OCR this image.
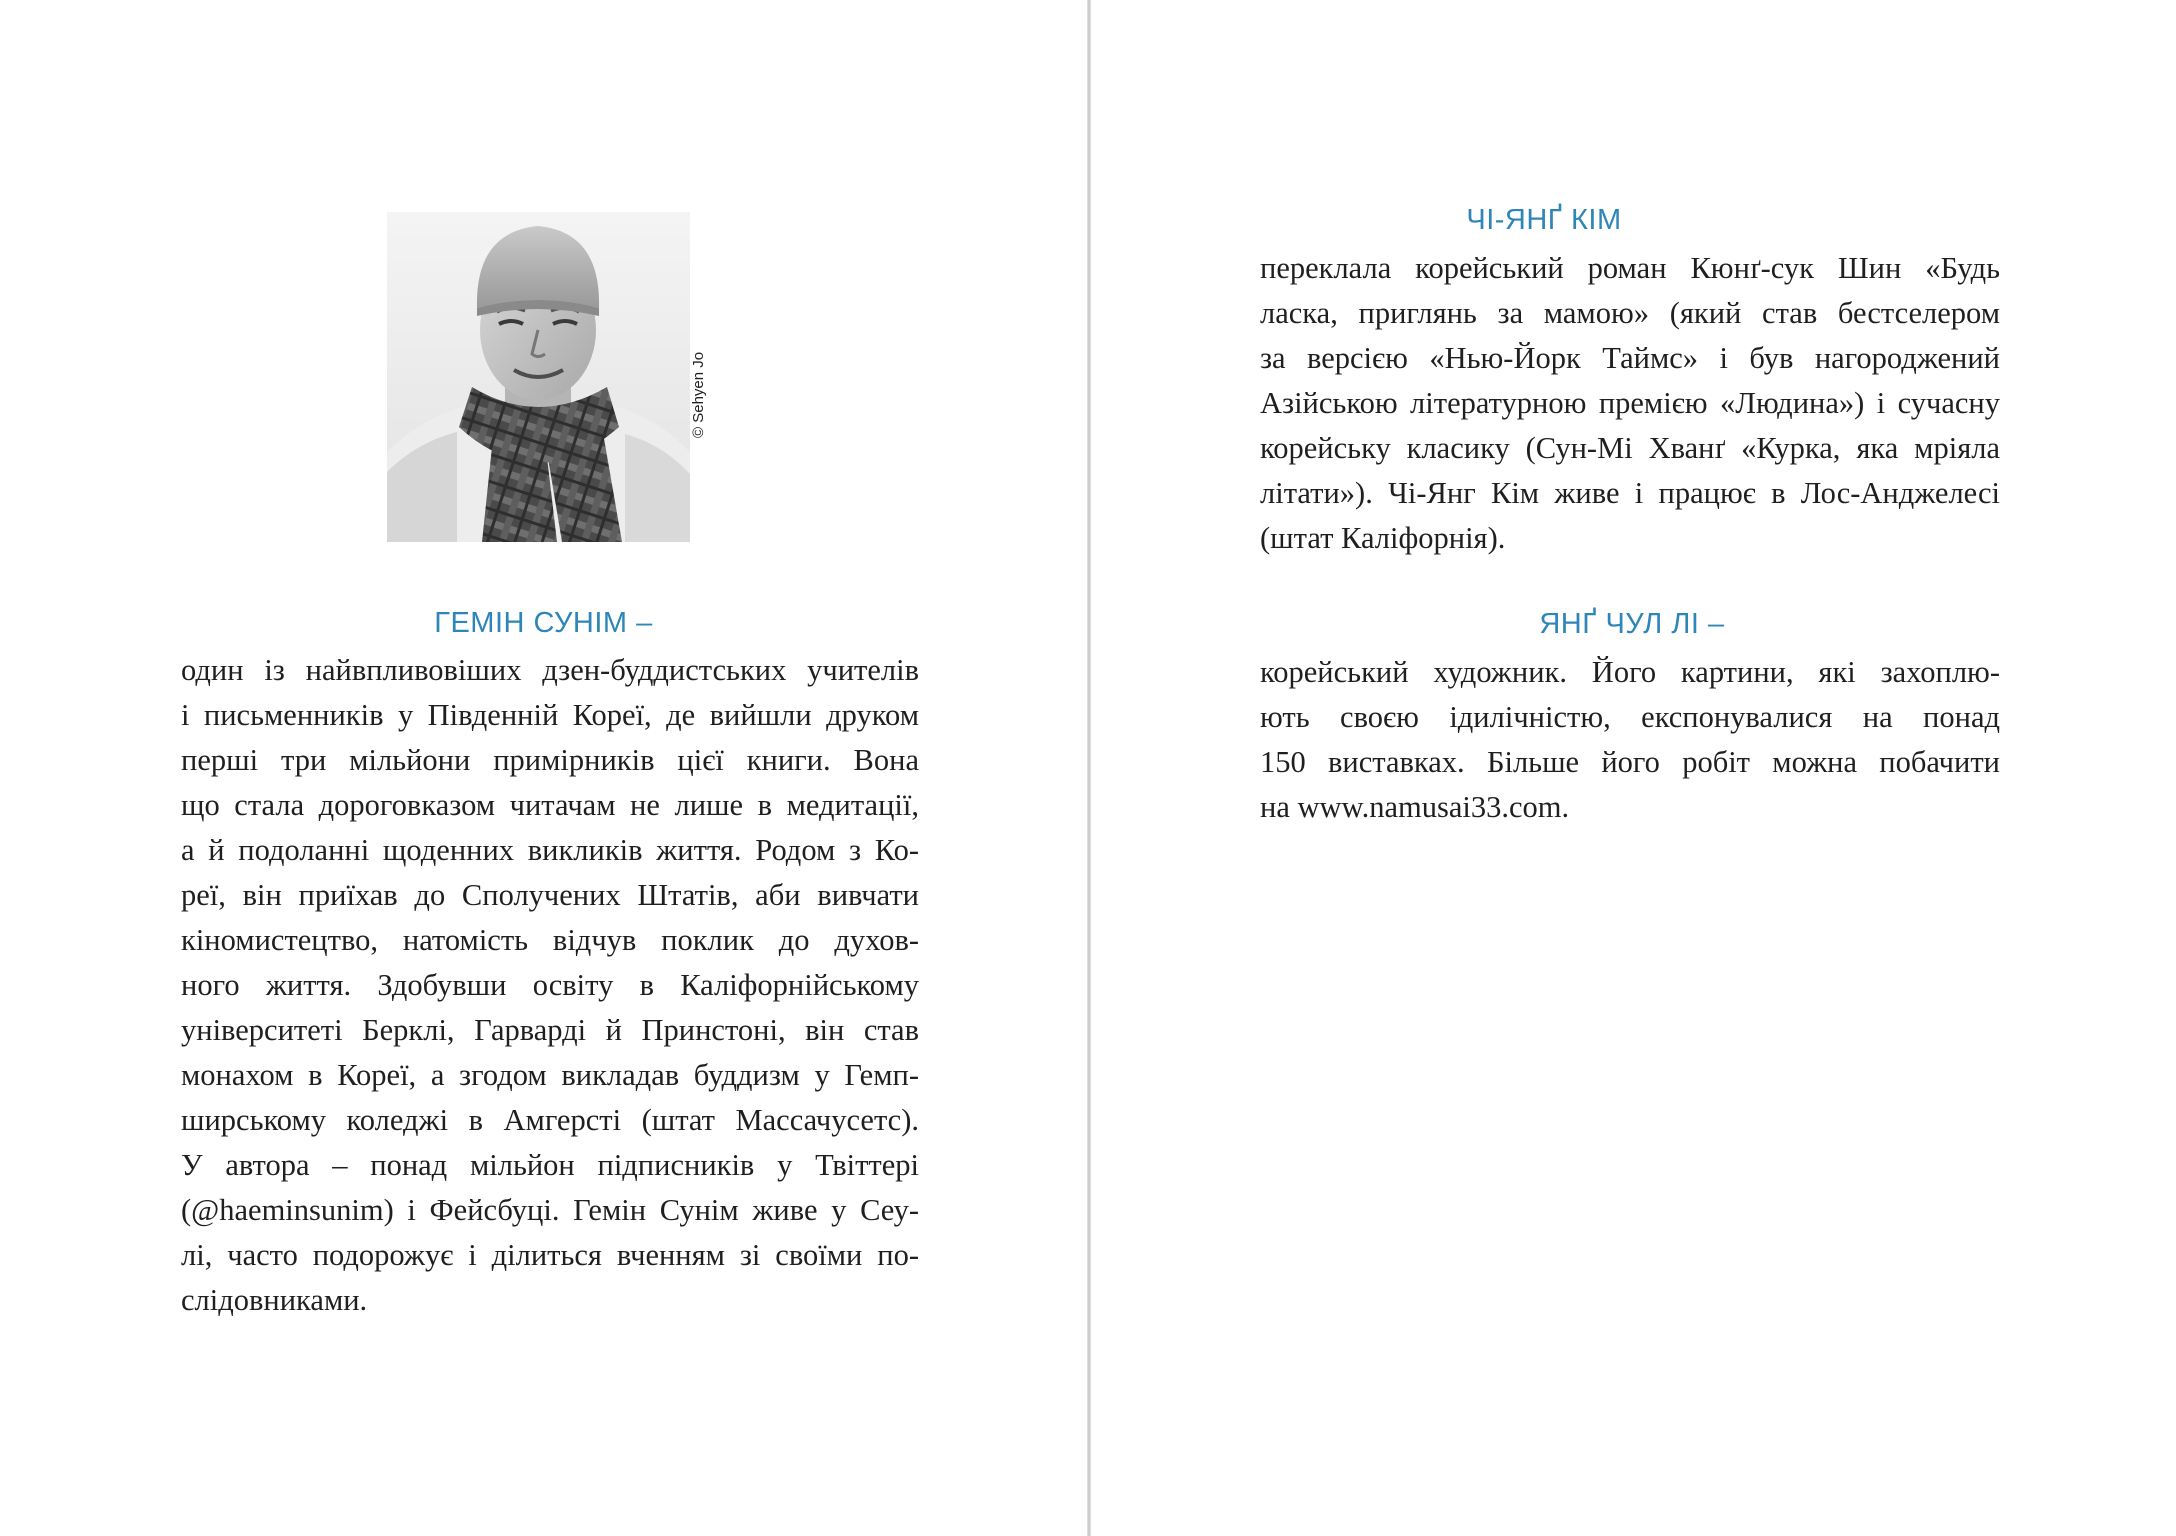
© Sehyen Jo
ГЕМІН СУНІМ –
один із найвпливовіших дзен-буддистських учителів
і письменників у Південній Кореї, де вийшли друком
перші три мільйони примірників цієї книги. Вона
що стала дороговказом читачам не лише в медитації,
а й подоланні щоденних викликів життя. Родом з Ко-
реї, він приїхав до Сполучених Штатів, аби вивчати
кіномистецтво, натомість відчув поклик до духов-
ного життя. Здобувши освіту в Каліфорнійському
університеті Берклі, Гарварді й Принстоні, він став
монахом в Кореї, а згодом викладав буддизм у Гемп-
ширському коледжі в Амгерсті (штат Массачусетс).
У автора – понад мільйон підписників у Твіттері
(@haeminsunim) і Фейсбуці. Гемін Сунім живе у Сеу-
лі, часто подорожує і ділиться вченням зі своїми по-
слідовниками.
ЧІ-ЯНҐ КІМ
переклала корейський роман Кюнґ-сук Шин «Будь
ласка, приглянь за мамою» (який став бестселером
за версією «Нью-Йорк Таймс» і був нагороджений
Азійською літературною премією «Людина») і сучасну
корейську класику (Сун-Мі Хванґ «Курка, яка мріяла
літати»). Чі-Янг Кім живе і працює в Лос-Анджелесі
(штат Каліфорнія).
ЯНҐ ЧУЛ ЛІ –
корейський художник. Його картини, які захоплю-
ють своєю ідилічністю, експонувалися на понад
150 виставках. Більше його робіт можна побачити
на www.namusai33.com.
